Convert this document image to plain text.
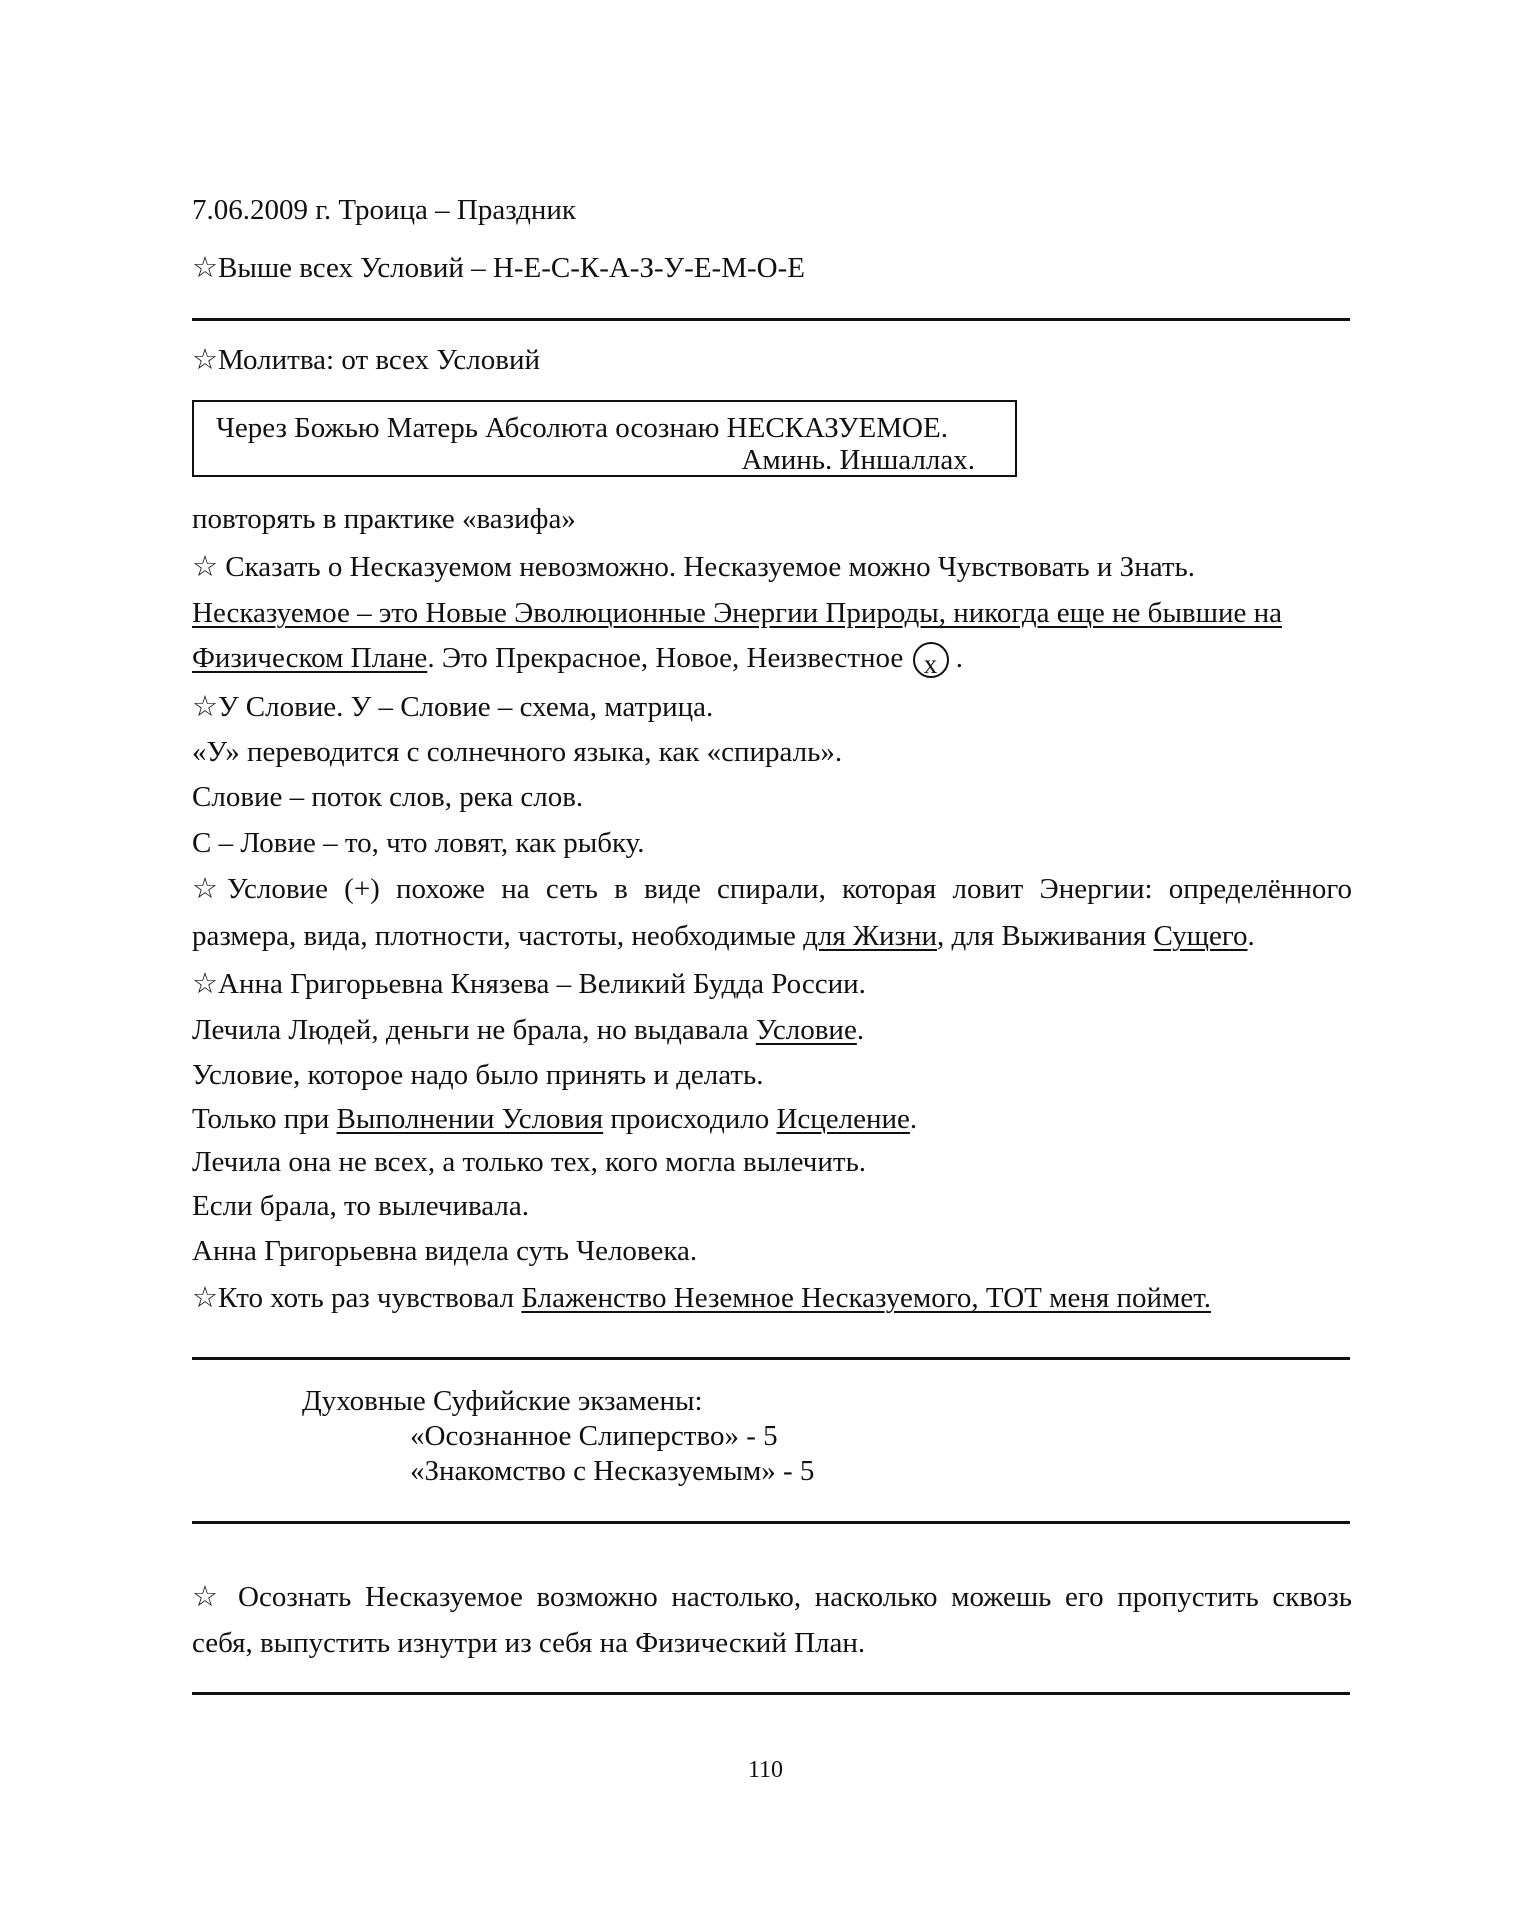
7.06.2009 г. Троица – Праздник
☆Выше всех Условий – Н-Е-С-К-А-З-У-Е-М-О-Е
☆Молитва: от всех Условий
Через Божью Матерь Абсолюта осознаю НЕСКАЗУЕМОЕ.
Аминь. Иншаллах.
повторять в практике «вазифа»
☆ Сказать о Несказуемом невозможно. Несказуемое можно Чувствовать и Знать.
Несказуемое – это Новые Эволюционные Энергии Природы, никогда еще не бывшие на
Физическом Плане. Это Прекрасное, Новое, Неизвестное x .
☆У Словие. У – Словие – схема, матрица.
«У» переводится с солнечного языка, как «спираль».
Словие – поток слов, река слов.
С – Ловие – то, что ловят, как рыбку.
☆Условие (+) похоже на сеть в виде спирали, которая ловит Энергии: определённого
размера, вида, плотности, частоты, необходимые для Жизни, для Выживания Сущего.
☆Анна Григорьевна Князева – Великий Будда России.
Лечила Людей, деньги не брала, но выдавала Условие.
Условие, которое надо было принять и делать.
Только при Выполнении Условия происходило Исцеление.
Лечила она не всех, а только тех, кого могла вылечить.
Если брала, то вылечивала.
Анна Григорьевна видела суть Человека.
☆Кто хоть раз чувствовал Блаженство Неземное Несказуемого, ТОТ меня поймет.
Духовные Суфийские экзамены:
«Осознанное Слиперство» - 5
«Знакомство с Несказуемым» - 5
☆ Осознать Несказуемое возможно настолько, насколько можешь его пропустить сквозь
себя, выпустить изнутри из себя на Физический План.
110
